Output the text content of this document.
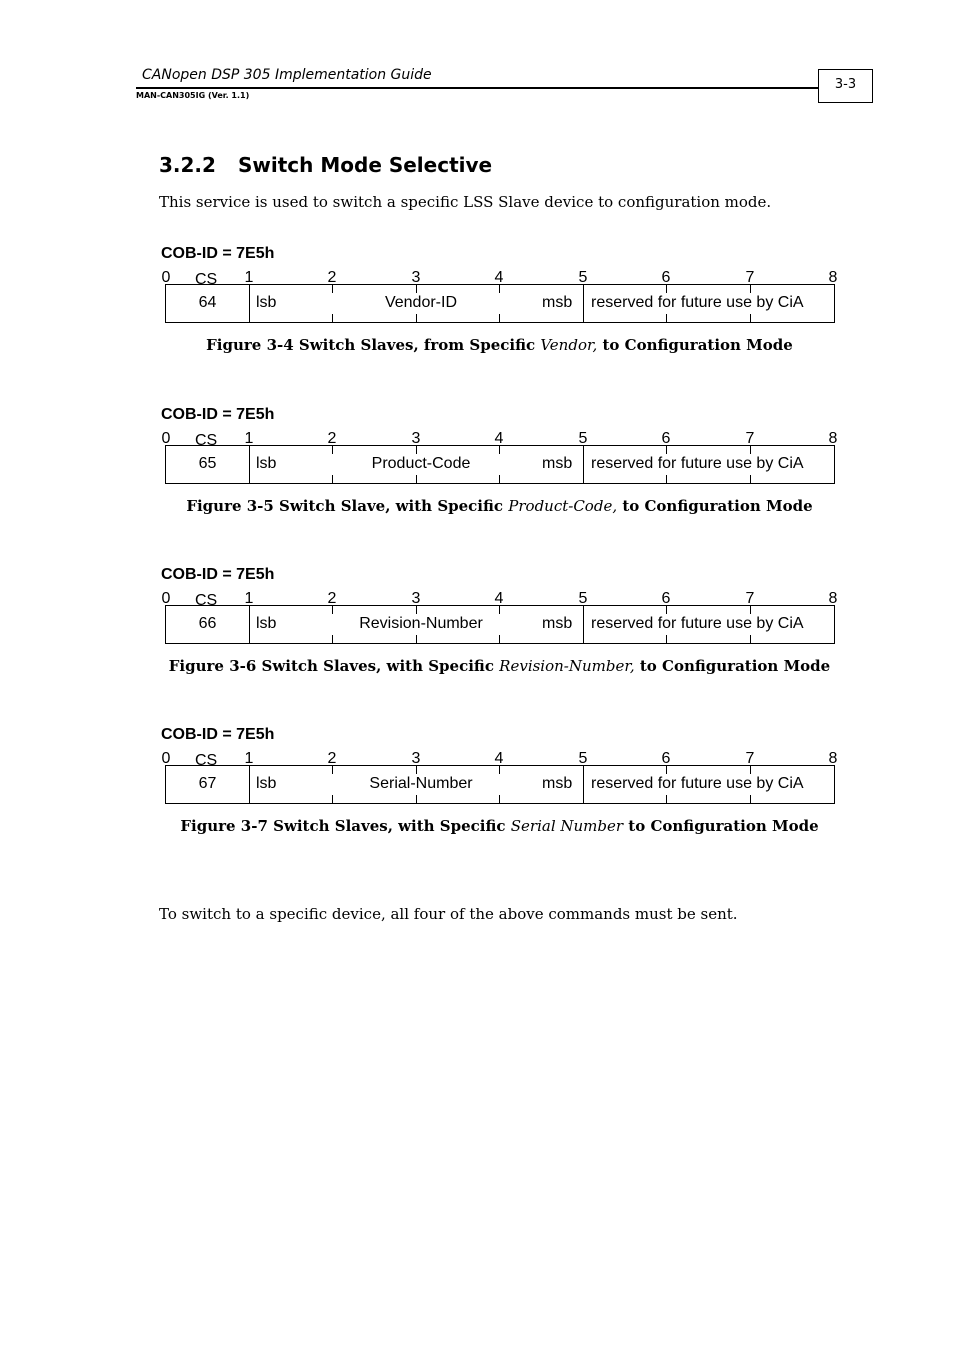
CANopen DSP 305 Implementation Guide
MAN-CAN305IG (Ver. 1.1)
3-3
3.2.2 Switch Mode Selective
This service is used to switch a specific LSS Slave device to configuration mode.
COB-ID = 7E5h
0	1	2	3	4	5	6	7	8
CS
64	lsb	Vendor-ID	msb reserved for future use by CiA
Figure 3-4 Switch Slaves, from Specific Vendor, to Configuration Mode
COB-ID = 7E5h
0	1	2	3	4	5	6	7	8
CS
65	lsb	Product-Code	msb reserved for future use by CiA
Figure 3-5 Switch Slave, with Specific Product-Code, to Configuration Mode
COB-ID = 7E5h
0	1	2	3	4	5	6	7	8
CS
66	lsb	Revision-Number	msb reserved for future use by CiA
Figure 3-6 Switch Slaves, with Specific Revision-Number, to Configuration Mode
COB-ID = 7E5h
0	1	2	3	4	5	6	7	8
CS
67	lsb	Serial-Number	msb reserved for future use by CiA
Figure 3-7 Switch Slaves, with Specific Serial Number to Configuration Mode
To switch to a specific device, all four of the above commands must be sent.
